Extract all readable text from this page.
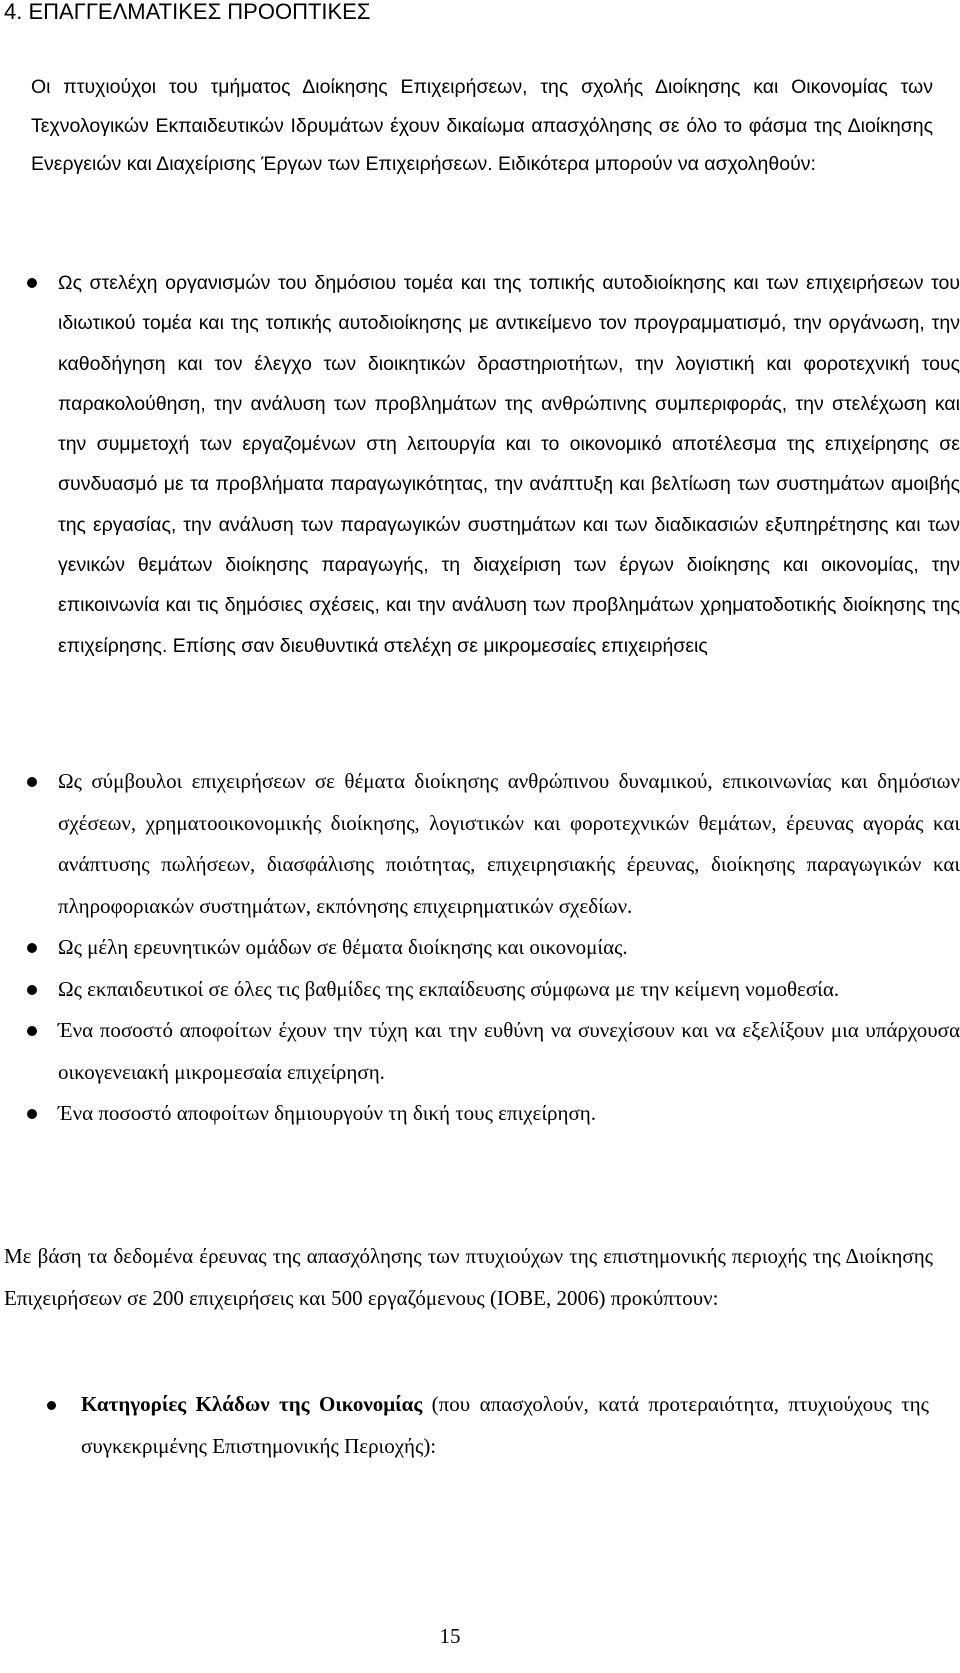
4. ΕΠΑΓΓΕΛΜΑΤΙΚΕΣ ΠΡΟΟΠΤΙΚΕΣ

Οι πτυχιούχοι του τμήματος Διοίκησης Επιχειρήσεων, της σχολής Διοίκησης και Οικονομίας των Τεχνολογικών Εκπαιδευτικών Ιδρυμάτων έχουν δικαίωμα απασχόλησης σε όλο το φάσμα της Διοίκησης Ενεργειών και Διαχείρισης Έργων των Επιχειρήσεων. Ειδικότερα μπορούν να ασχοληθούν:

Ως στελέχη οργανισμών του δημόσιου τομέα και της τοπικής αυτοδιοίκησης και των επιχειρήσεων του ιδιωτικού τομέα και της τοπικής αυτοδιοίκησης με αντικείμενο τον προγραμματισμό, την οργάνωση, την καθοδήγηση και τον έλεγχο των διοικητικών δραστηριοτήτων, την λογιστική και φοροτεχνική τους παρακολούθηση, την ανάλυση των προβλημάτων της ανθρώπινης συμπεριφοράς, την στελέχωση και την συμμετοχή των εργαζομένων στη λειτουργία και το οικονομικό αποτέλεσμα της επιχείρησης σε συνδυασμό με τα προβλήματα παραγωγικότητας, την ανάπτυξη και βελτίωση των συστημάτων αμοιβής της εργασίας, την ανάλυση των παραγωγικών συστημάτων και των διαδικασιών εξυπηρέτησης και των γενικών θεμάτων διοίκησης παραγωγής, τη διαχείριση των έργων διοίκησης και οικονομίας, την επικοινωνία και τις δημόσιες σχέσεις, και την ανάλυση των προβλημάτων χρηματοδοτικής διοίκησης της επιχείρησης. Επίσης σαν διευθυντικά στελέχη σε μικρομεσαίες επιχειρήσεις
Ως σύμβουλοι επιχειρήσεων σε θέματα διοίκησης ανθρώπινου δυναμικού, επικοινωνίας και δημόσιων σχέσεων, χρηματοοικονομικής διοίκησης, λογιστικών και φοροτεχνικών θεμάτων, έρευνας αγοράς και ανάπτυσης πωλήσεων, διασφάλισης ποιότητας, επιχειρησιακής έρευνας, διοίκησης παραγωγικών και πληροφοριακών συστημάτων, εκπόνησης επιχειρηματικών σχεδίων.
Ως μέλη ερευνητικών ομάδων σε θέματα διοίκησης και οικονομίας.
Ως εκπαιδευτικοί σε όλες τις βαθμίδες της εκπαίδευσης σύμφωνα με την κείμενη νομοθεσία.
Ένα ποσοστό αποφοίτων έχουν την τύχη και την ευθύνη να συνεχίσουν και να εξελίξουν μια υπάρχουσα οικογενειακή μικρομεσαία επιχείρηση.
Ένα ποσοστό αποφοίτων δημιουργούν τη δική τους επιχείρηση.

Με βάση τα δεδομένα έρευνας της απασχόλησης των πτυχιούχων της επιστημονικής περιοχής της Διοίκησης Επιχειρήσεων σε 200 επιχειρήσεις και 500 εργαζόμενους (ΙΟΒΕ, 2006) προκύπτουν:

Κατηγορίες Κλάδων της Οικονομίας (που απασχολούν, κατά προτεραιότητα, πτυχιούχους της συγκεκριμένης Επιστημονικής Περιοχής):
15
